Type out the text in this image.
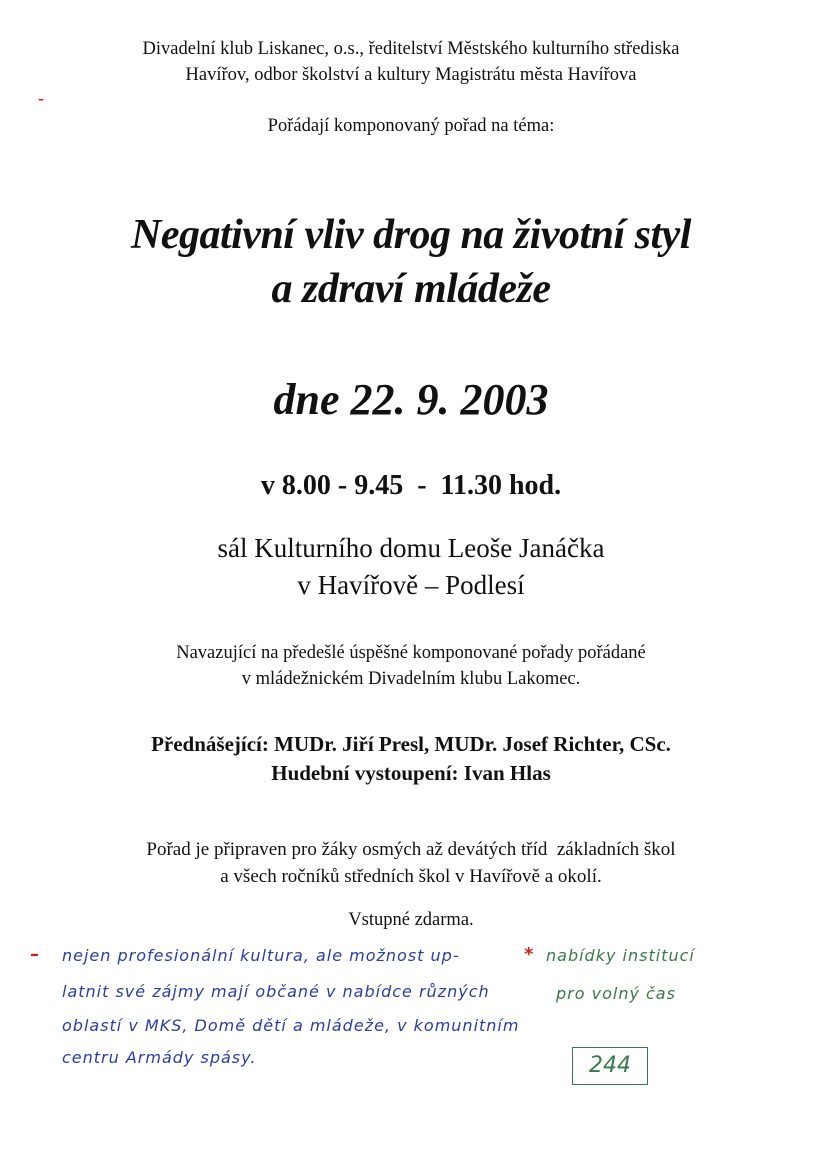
Divadelní klub Liskanec, o.s., ředitelství Městského kulturního střediska
Havířov, odbor školství a kultury Magistrátu města Havířova
–
Pořádají komponovaný pořad na téma:
Negativní vliv drog na životní styl
a zdraví mládeže
dne 22. 9. 2003
v 8.00 - 9.45  -  11.30 hod.
sál Kulturního domu Leoše Janáčka
v Havířově – Podlesí
Navazující na předešlé úspěšné komponované pořady pořádané
v mládežnickém Divadelním klubu Lakomec.
Přednášející: MUDr. Jiří Presl, MUDr. Josef Richter, CSc.
Hudební vystoupení: Ivan Hlas
Pořad je připraven pro žáky osmých až devátých tříd  základních škol
a všech ročníků středních škol v Havířově a okolí.
Vstupné zdarma.
– nejen profesionální kultura, ale možnost up-	* nabídky institucí
latnit své zájmy mají občané v nabídce různých	pro volný čas
oblastí v MKS, Domě dětí a mládeže, v komunitním
centru Armády spásy.	244
